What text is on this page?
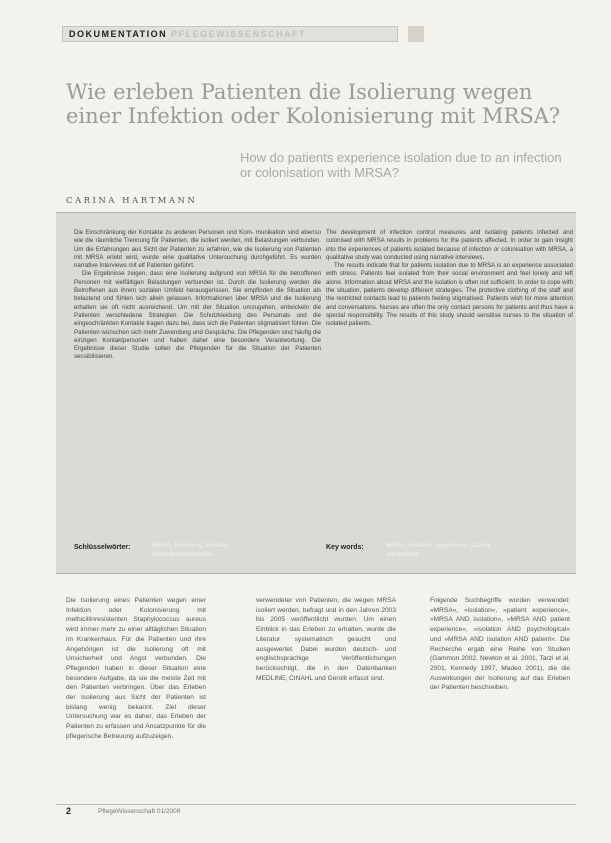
DOKUMENTATION PFLEGEWISSENSCHAFT
Wie erleben Patienten die Isolierung wegen einer Infektion oder Kolonisierung mit MRSA?
How do patients experience isolation due to an infection or colonisation with MRSA?
CARINA HARTMANN

Die Einschränkung der Kontakte zu anderen Personen und Kom- munikation sind ebenso wie die räumliche Trennung für Patienten, die isoliert werden, mit Belastungen verbunden. Um die Erfahrungen aus Sicht der Patienten zu erfahren, wie die Isolierung von Patienten mit MRSA erlebt wird, wurde eine qualitative Untersuchung durchgeführt. Es wurden narrative Interviews mit elf Patienten geführt.

Die Ergebnisse zeigen, dass eine Isolierung aufgrund von MRSA für die betroffenen Personen mit vielfältigen Belastungen verbunden ist. Durch die Isolierung werden die Betroffenen aus ihrem sozialen Umfeld herausgerissen. Sie empfinden die Situation als belastend und fühlen sich allein gelassen. Informationen über MRSA und die Isolierung erhalten sie oft nicht ausreichend. Um mit der Situation umzugehen, entwickeln die Patienten verschiedene Strategien. Die Schutzkleidung des Personals und die eingeschränkten Kontakte tragen dazu bei, dass sich die Patienten stigmatisiert fühlen. Die Patienten wünschen sich mehr Zuwendung und Gespräche. Die Pflegenden sind häufig die einzigen Kontaktpersonen und haben daher eine besondere Verantwortung. Die Ergebnisse dieser Studie sollen die Pflegenden für die Situation der Patienten sensibilisieren.

The development of infection control measures and isolating patients infected and colonised with MRSA results in problems for the patients affected. In order to gain insight into the experiences of patients isolated because of infection or colonisation with MRSA, a qualitative study was conducted using narrative interviews.

The results indicate that for patients isolation due to MRSA is an experience associated with stress. Patients feel isolated from their social environment and feel lonely and left alone. Information about MRSA and the isolation is often not sufficient. In order to cope with the situation, patients develop different strategies. The protective clothing of the staff and the restricted contacts lead to patients feeling stigmatised. Patients wish for more attention and conversations. Nurses are often the only contact persons for patients and thus have a special responsibility. The results of this study should sensitise nurses to the situation of isolated patients.

Schlüsselwörter:	MRSA, Isolierung, Erleben, Patientenperspektive
Key words:	MRSA, isolation, experience, patient perspective

Die Isolierung eines Patienten wegen einer Infektion oder Kolonisierung mit methicillinresistenten Staphylococcus aureus wird immer mehr zu einer alltäglichen Situation im Krankenhaus. Für die Patienten und ihre Angehörigen ist die Isolierung oft mit Unsicherheit und Angst verbunden. Die Pflegenden haben in dieser Situation eine besondere Aufgabe, da sie die meiste Zeit mit den Patienten verbringen. Über das Erleben der Isolierung aus Sicht der Patienten ist bislang wenig bekannt. Ziel dieser Untersuchung war es daher, das Erleben der Patienten zu erfassen und Ansatzpunkte für die pflegerische Betreuung aufzuzeigen.

verwendeter von Patienten, die wegen MRSA isoliert werden, befragt und in den Jahren 2003 bis 2005 veröffentlicht wurden. Um einen Einblick in das Erleben zu erhalten, wurde die Literatur systematisch gesucht und ausgewertet. Dabei wurden deutsch- und englischsprachige Veröffentlichungen berücksichtigt, die in den Datenbanken MEDLINE, CINAHL und Gerolit erfasst sind.

Folgende Suchbegriffe wurden verwendet: »MRSA«, »isolation«, »patient experience«, »MRSA AND isolation«, »MRSA AND patient experience«, »isolation AND psychological« und »MRSA AND isolation AND patient«. Die Recherche ergab eine Reihe von Studien (Gammon 2002, Newton et al. 2001, Tarzi et al. 2001, Kennedy 1997, Madeo 2001), die die Auswirkungen der Isolierung auf das Erleben der Patienten beschreiben.

2	PflegeWissenschaft 01/2008
